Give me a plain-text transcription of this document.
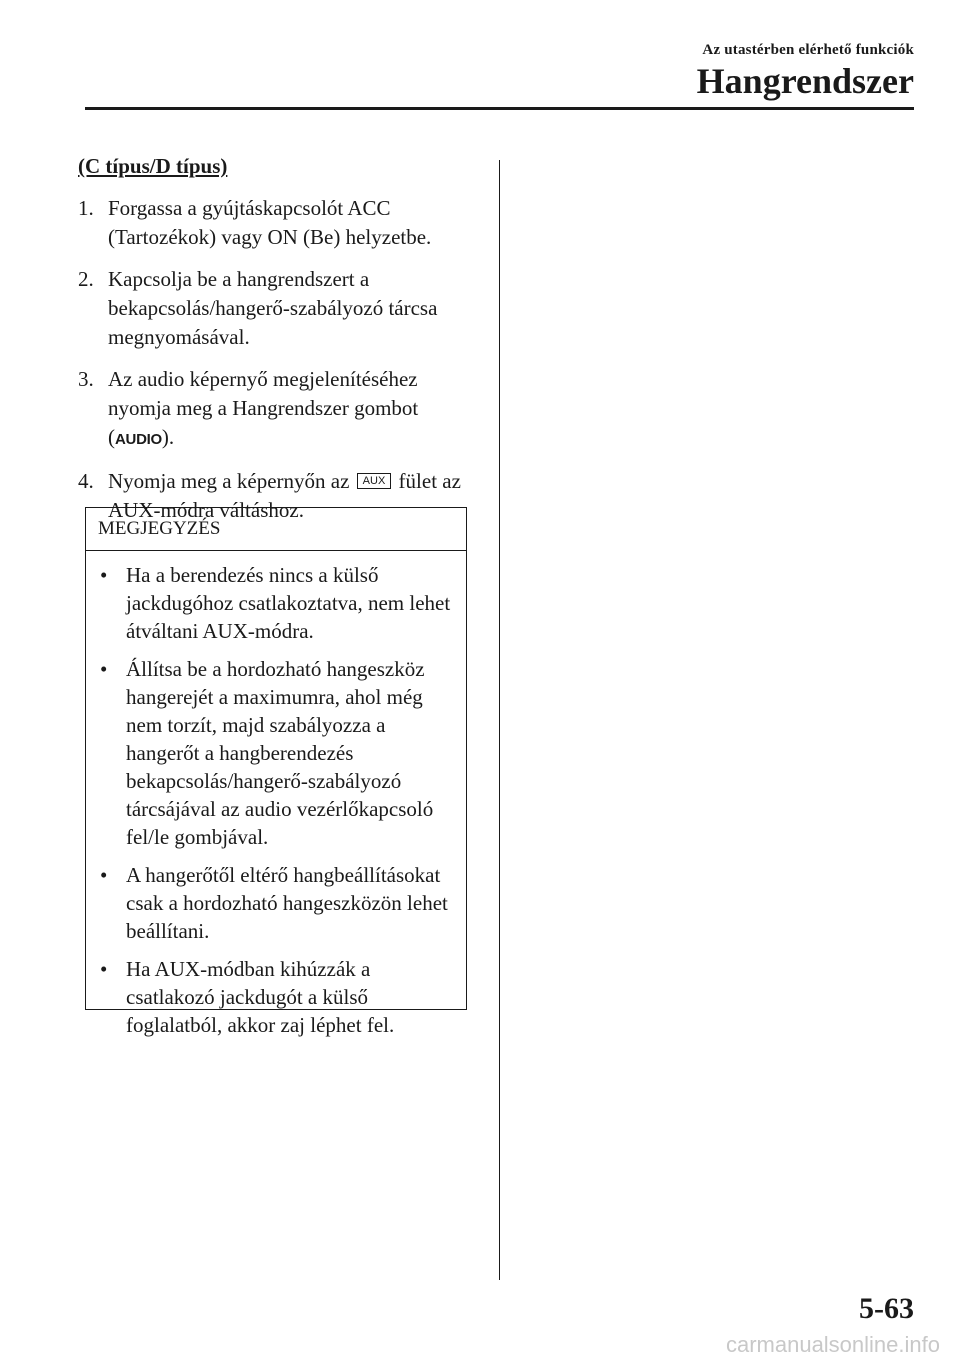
Az utastérben elérhető funkciók
Hangrendszer
(C típus/D típus)
1. Forgassa a gyújtáskapcsolót ACC (Tartozékok) vagy ON (Be) helyzetbe.
2. Kapcsolja be a hangrendszert a bekapcsolás/hangerő-szabályozó tárcsa megnyomásával.
3. Az audio képernyő megjelenítéséhez nyomja meg a Hangrendszer gombot (AUDIO).
4. Nyomja meg a képernyőn az AUX fület az AUX-módra váltáshoz.
MEGJEGYZÉS
• Ha a berendezés nincs a külső jackdugóhoz csatlakoztatva, nem lehet átváltani AUX-módra.
• Állítsa be a hordozható hangeszköz hangerejét a maximumra, ahol még nem torzít, majd szabályozza a hangerőt a hangberendezés bekapcsolás/hangerő-szabályozó tárcsájával az audio vezérlőkapcsoló fel/le gombjával.
• A hangerőtől eltérő hangbeállításokat csak a hordozható hangeszközön lehet beállítani.
• Ha AUX-módban kihúzzák a csatlakozó jackdugót a külső foglalatból, akkor zaj léphet fel.
5-63
carmanualsonline.info
